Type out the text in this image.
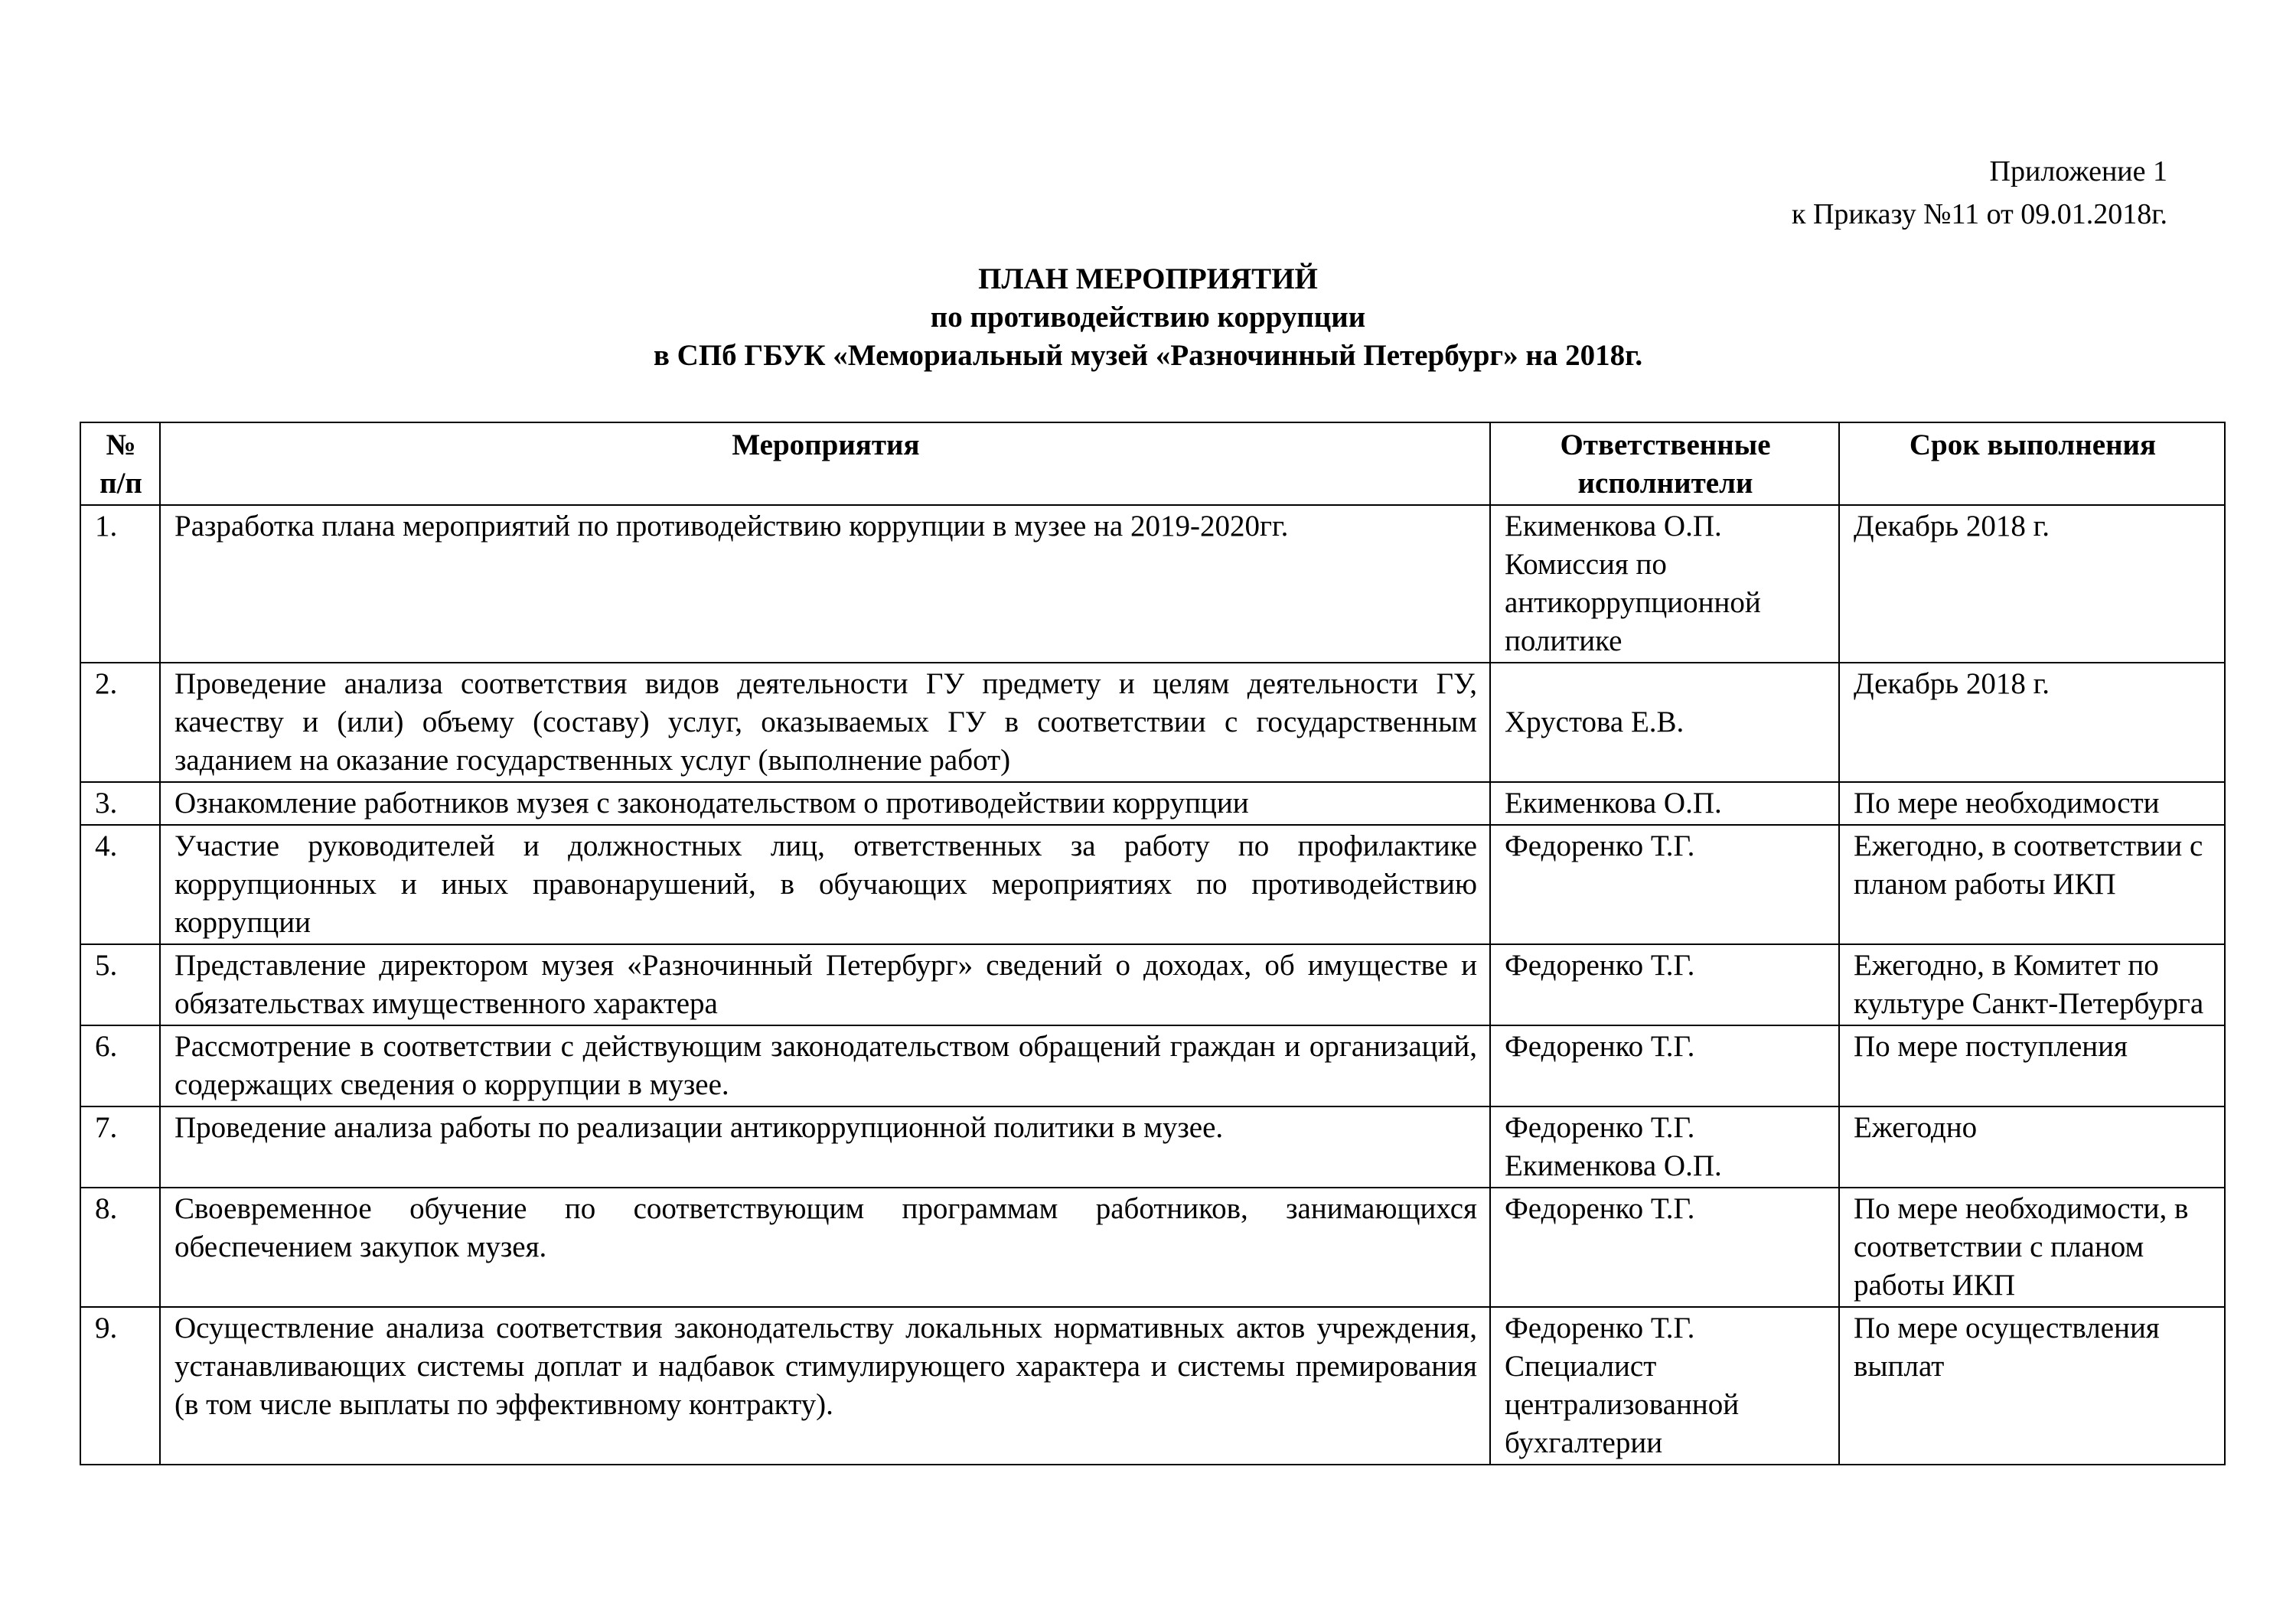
Приложение 1
к Приказу №11 от 09.01.2018г.
ПЛАН МЕРОПРИЯТИЙ
по противодействию коррупции
в СПб ГБУК «Мемориальный музей «Разночинный Петербург» на 2018г.
№ п/п	Мероприятия	Ответственные исполнители	Срок выполнения
1.	Разработка плана мероприятий по противодействию коррупции в музее на 2019-2020гг.	Екименкова О.П. Комиссия по антикоррупционной политике	Декабрь 2018 г.
2.	Проведение анализа соответствия видов деятельности ГУ предмету и целям деятельности ГУ, качеству и (или) объему (составу) услуг, оказываемых ГУ в соответствии с государственным заданием на оказание государственных услуг (выполнение работ)	Хрустова Е.В.	Декабрь 2018 г.
3.	Ознакомление работников музея с законодательством о противодействии коррупции	Екименкова О.П.	По мере необходимости
4.	Участие руководителей и должностных лиц, ответственных за работу по профилактике коррупционных и иных правонарушений, в обучающих мероприятиях по противодействию коррупции	Федоренко Т.Г.	Ежегодно, в соответствии с планом работы ИКП
5.	Представление директором музея «Разночинный Петербург» сведений о доходах, об имуществе и обязательствах имущественного характера	Федоренко Т.Г.	Ежегодно, в Комитет по культуре Санкт-Петербурга
6.	Рассмотрение в соответствии с действующим законодательством обращений граждан и организаций, содержащих сведения о коррупции в музее.	Федоренко Т.Г.	По мере поступления
7.	Проведение анализа работы по реализации антикоррупционной политики в музее.	Федоренко Т.Г. Екименкова О.П.	Ежегодно
8.	Своевременное обучение по соответствующим программам работников, занимающихся обеспечением закупок музея.	Федоренко Т.Г.	По мере необходимости, в соответствии с планом работы ИКП
9.	Осуществление анализа соответствия законодательству локальных нормативных актов учреждения, устанавливающих системы доплат и надбавок стимулирующего характера и системы премирования (в том числе выплаты по эффективному контракту).	Федоренко Т.Г. Специалист централизованной бухгалтерии	По мере осуществления выплат
